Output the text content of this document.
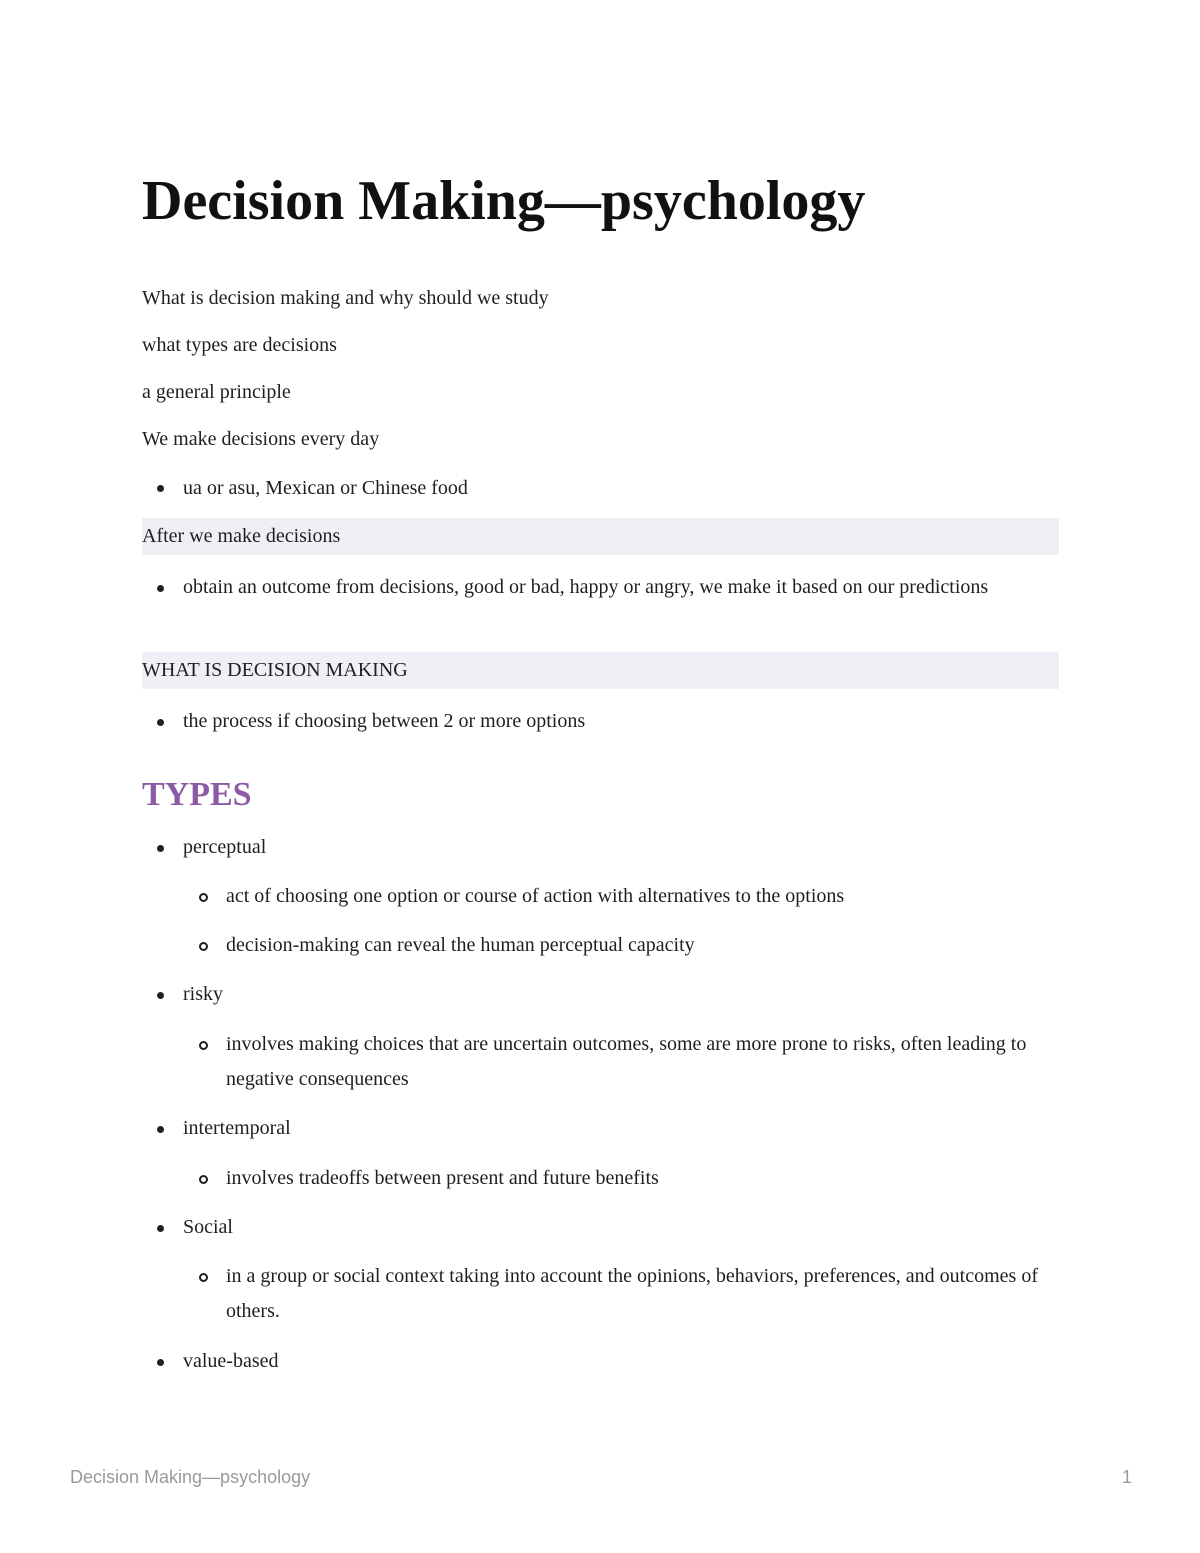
Decision Making—psychology

What is decision making and why should we study

what types are decisions

a general principle

We make decisions every day

ua or asu, Mexican or Chinese food

After we make decisions

obtain an outcome from decisions, good or bad, happy or angry, we make it based on our predictions

WHAT IS DECISION MAKING

the process if choosing between 2 or more options

TYPES

perceptual

act of choosing one option or course of action with alternatives to the options

decision-making can reveal the human perceptual capacity

risky

involves making choices that are uncertain outcomes, some are more prone to risks, often leading to negative consequences

intertemporal

involves tradeoffs between present and future benefits

Social

in a group or social context taking into account the opinions, behaviors, preferences, and outcomes of others.

value-based

Decision Making—psychology	1
